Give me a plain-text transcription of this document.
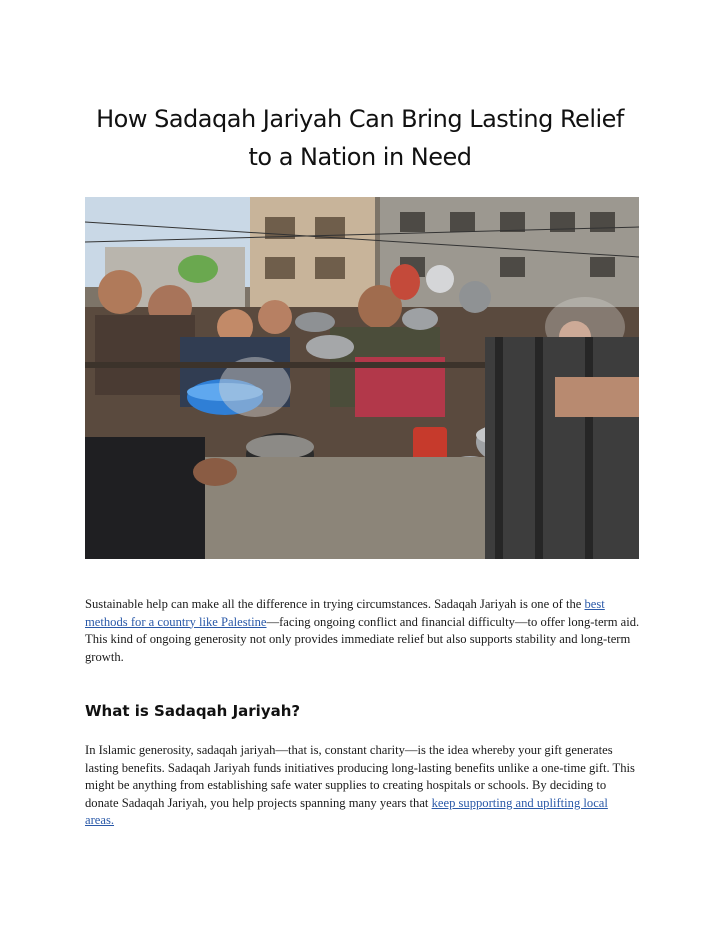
How Sadaqah Jariyah Can Bring Lasting Relief
to a Nation in Need

Sustainable help can make all the difference in trying circumstances. Sadaqah Jariyah is one of the best methods for a country like Palestine—facing ongoing conflict and financial difficulty—to offer long-term aid. This kind of ongoing generosity not only provides immediate relief but also supports stability and long-term growth.

What is Sadaqah Jariyah?

In Islamic generosity, sadaqah jariyah—that is, constant charity—is the idea whereby your gift generates lasting benefits. Sadaqah Jariyah funds initiatives producing long-lasting benefits unlike a one-time gift. This might be anything from establishing safe water supplies to creating hospitals or schools. By deciding to donate Sadaqah Jariyah, you help projects spanning many years that keep supporting and uplifting local areas.
